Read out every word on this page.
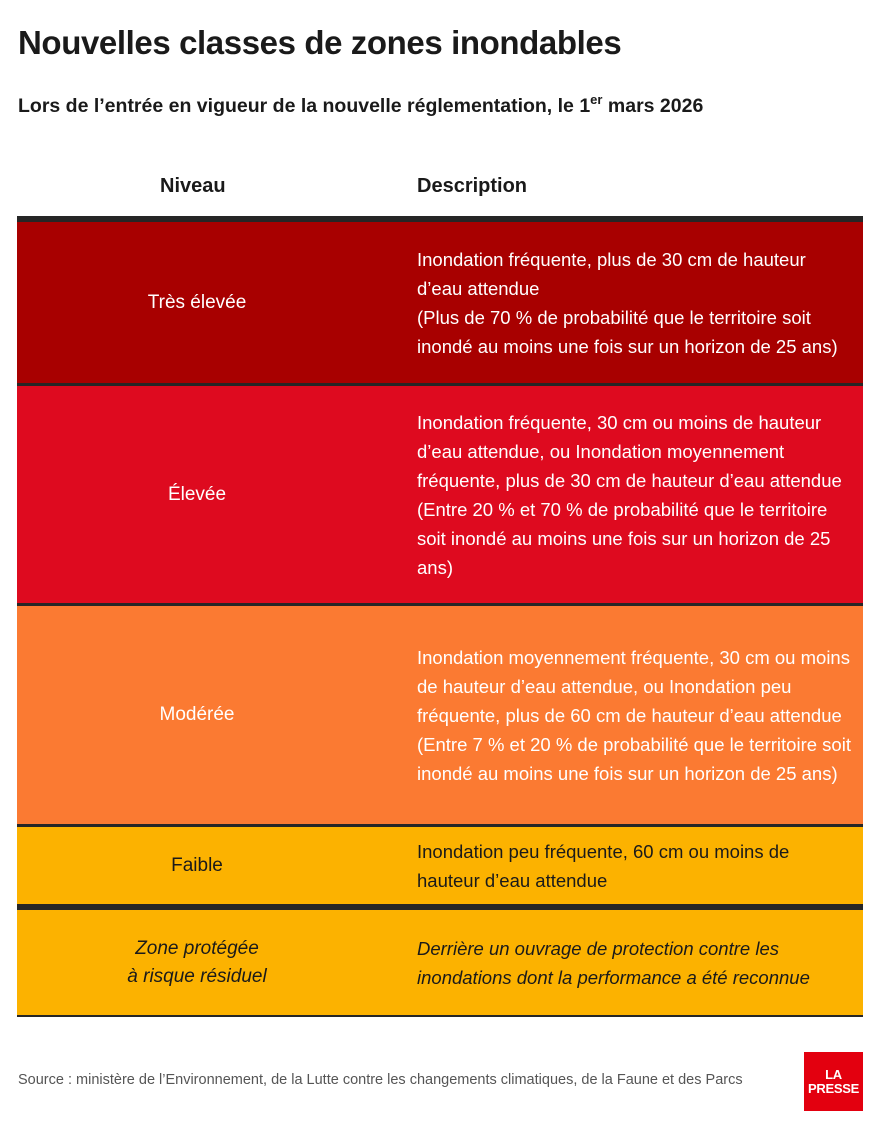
Nouvelles classes de zones inondables
Lors de l’entrée en vigueur de la nouvelle réglementation, le 1er mars 2026
Niveau	Description
Très élevée
Inondation fréquente, plus de 30 cm de hauteur d’eau attendue
(Plus de 70 % de probabilité que le territoire soit inondé au moins une fois sur un horizon de 25 ans)
Élevée
Inondation fréquente, 30 cm ou moins de hauteur d’eau attendue, ou Inondation moyennement fréquente, plus de 30 cm de hauteur d’eau attendue
(Entre 20 % et 70 % de probabilité que le territoire soit inondé au moins une fois sur un horizon de 25 ans)
Modérée
Inondation moyennement fréquente, 30 cm ou moins de hauteur d’eau attendue, ou Inondation peu fréquente, plus de 60 cm de hauteur d’eau attendue
(Entre 7 % et 20 % de probabilité que le territoire soit inondé au moins une fois sur un horizon de 25 ans)
Faible
Inondation peu fréquente, 60 cm ou moins de hauteur d’eau attendue
Zone protégée
à risque résiduel
Derrière un ouvrage de protection contre les inondations dont la performance a été reconnue
Source : ministère de l’Environnement, de la Lutte contre les changements climatiques, de la Faune et des Parcs	LA
PRESSE
